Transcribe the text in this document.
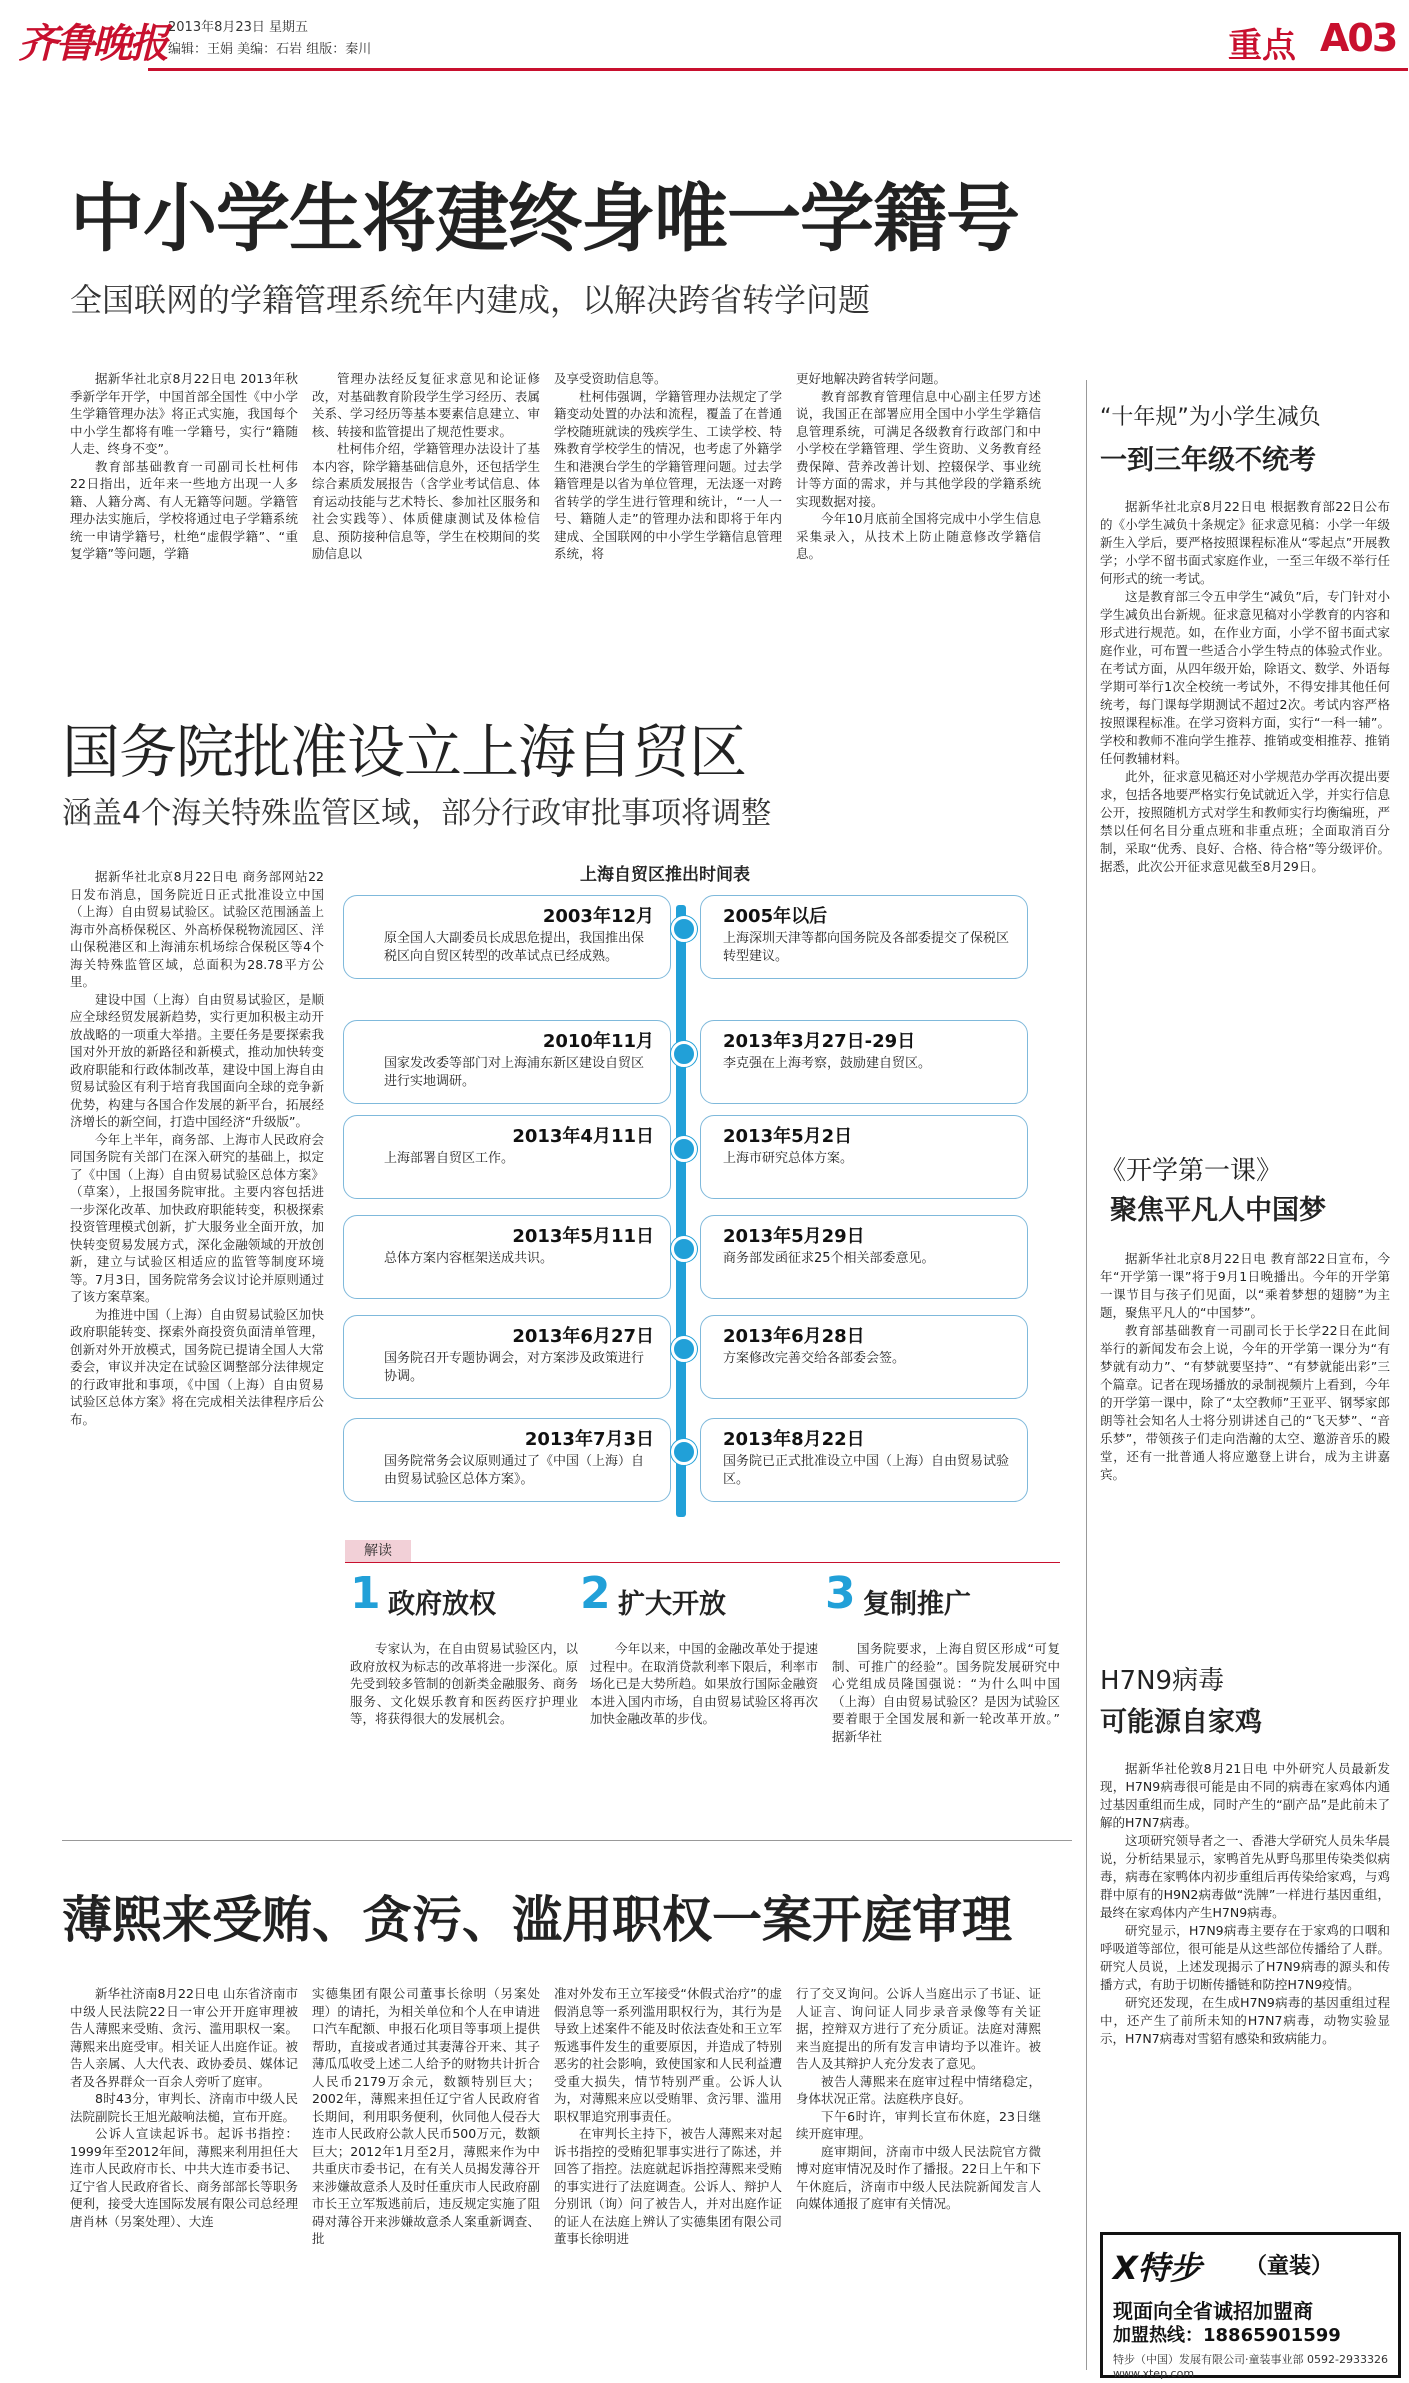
齐鲁晚报 2013年8月23日 星期五
编辑：王娟 美编：石岩 组版：秦川	重点 A03
中小学生将建终身唯一学籍号
全国联网的学籍管理系统年内建成，以解决跨省转学问题

据新华社北京8月22日电 2013年秋季新学年开学，中国首部全国性《中小学生学籍管理办法》将正式实施，我国每个中小学生都将有唯一学籍号，实行“籍随人走、终身不变”。

教育部基础教育一司副司长杜柯伟22日指出，近年来一些地方出现一人多籍、人籍分离、有人无籍等问题。学籍管理办法实施后，学校将通过电子学籍系统统一申请学籍号，杜绝“虚假学籍”、“重复学籍”等问题，学籍

管理办法经反复征求意见和论证修改，对基础教育阶段学生学习经历、表属关系、学习经历等基本要素信息建立、审核、转接和监管提出了规范性要求。

杜柯伟介绍，学籍管理办法设计了基本内容，除学籍基础信息外，还包括学生综合素质发展报告（含学业考试信息、体育运动技能与艺术特长、参加社区服务和社会实践等）、体质健康测试及体检信息、预防接种信息等，学生在校期间的奖励信息以

及享受资助信息等。

杜柯伟强调，学籍管理办法规定了学籍变动处置的办法和流程，覆盖了在普通学校随班就读的残疾学生、工读学校、特殊教育学校学生的情况，也考虑了外籍学生和港澳台学生的学籍管理问题。过去学籍管理是以省为单位管理，无法逐一对跨省转学的学生进行管理和统计，“一人一号、籍随人走”的管理办法和即将于年内建成、全国联网的中小学生学籍信息管理系统，将

更好地解决跨省转学问题。

教育部教育管理信息中心副主任罗方述说，我国正在部署应用全国中小学生学籍信息管理系统，可满足各级教育行政部门和中小学校在学籍管理、学生资助、义务教育经费保障、营养改善计划、控辍保学、事业统计等方面的需求，并与其他学段的学籍系统实现数据对接。

今年10月底前全国将完成中小学生信息采集录入，从技术上防止随意修改学籍信息。

国务院批准设立上海自贸区
涵盖4个海关特殊监管区域，部分行政审批事项将调整

据新华社北京8月22日电 商务部网站22日发布消息，国务院近日正式批准设立中国（上海）自由贸易试验区。试验区范围涵盖上海市外高桥保税区、外高桥保税物流园区、洋山保税港区和上海浦东机场综合保税区等4个海关特殊监管区域，总面积为28.78平方公里。

建设中国（上海）自由贸易试验区，是顺应全球经贸发展新趋势，实行更加积极主动开放战略的一项重大举措。主要任务是要探索我国对外开放的新路径和新模式，推动加快转变政府职能和行政体制改革，建设中国上海自由贸易试验区有利于培育我国面向全球的竞争新优势，构建与各国合作发展的新平台，拓展经济增长的新空间，打造中国经济“升级版”。

今年上半年，商务部、上海市人民政府会同国务院有关部门在深入研究的基础上，拟定了《中国（上海）自由贸易试验区总体方案》（草案），上报国务院审批。主要内容包括进一步深化改革、加快政府职能转变，积极探索投资管理模式创新，扩大服务业全面开放，加快转变贸易发展方式，深化金融领域的开放创新，建立与试验区相适应的监管等制度环境等。7月3日，国务院常务会议讨论并原则通过了该方案草案。

为推进中国（上海）自由贸易试验区加快政府职能转变、探索外商投资负面清单管理，创新对外开放模式，国务院已提请全国人大常委会，审议并决定在试验区调整部分法律规定的行政审批和事项，《中国（上海）自由贸易试验区总体方案》将在完成相关法律程序后公布。

上海自贸区推出时间表
2003年12月
原全国人大副委员长成思危提出，我国推出保税区向自贸区转型的改革试点已经成熟。
2005年以后
上海深圳天津等都向国务院及各部委提交了保税区转型建议。
2010年11月
国家发改委等部门对上海浦东新区建设自贸区进行实地调研。
2013年3月27日-29日
李克强在上海考察，鼓励建自贸区。
2013年4月11日
上海部署自贸区工作。
2013年5月2日
上海市研究总体方案。
2013年5月11日
总体方案内容框架送成共识。
2013年5月29日
商务部发函征求25个相关部委意见。
2013年6月27日
国务院召开专题协调会，对方案涉及政策进行协调。
2013年6月28日
方案修改完善交给各部委会签。
2013年7月3日
国务院常务会议原则通过了《中国（上海）自由贸易试验区总体方案》。
2013年8月22日
国务院已正式批准设立中国（上海）自由贸易试验区。
解读
1 政府放权

专家认为，在自由贸易试验区内，以政府放权为标志的改革将进一步深化。原先受到较多管制的创新类金融服务、商务服务、文化娱乐教育和医药医疗护理业等，将获得很大的发展机会。

2 扩大开放

今年以来，中国的金融改革处于提速过程中。在取消贷款利率下限后，利率市场化已是大势所趋。如果放行国际金融资本进入国内市场，自由贸易试验区将再次加快金融改革的步伐。

3 复制推广

国务院要求，上海自贸区形成“可复制、可推广的经验”。国务院发展研究中心党组成员隆国强说：“为什么叫中国（上海）自由贸易试验区？是因为试验区要着眼于全国发展和新一轮改革开放。” 据新华社

薄熙来受贿、贪污、滥用职权一案开庭审理

新华社济南8月22日电 山东省济南市中级人民法院22日一审公开开庭审理被告人薄熙来受贿、贪污、滥用职权一案。薄熙来出庭受审。相关证人出庭作证。被告人亲属、人大代表、政协委员、媒体记者及各界群众一百余人旁听了庭审。

8时43分，审判长、济南市中级人民法院副院长王旭光敲响法槌，宣布开庭。

公诉人宣读起诉书。起诉书指控：1999年至2012年间，薄熙来利用担任大连市人民政府市长、中共大连市委书记、辽宁省人民政府省长、商务部部长等职务便利，接受大连国际发展有限公司总经理唐肖林（另案处理）、大连

实德集团有限公司董事长徐明（另案处理）的请托，为相关单位和个人在申请进口汽车配额、申报石化项目等事项上提供帮助，直接或者通过其妻薄谷开来、其子薄瓜瓜收受上述二人给予的财物共计折合人民币2179万余元，数额特别巨大；2002年，薄熙来担任辽宁省人民政府省长期间，利用职务便利，伙同他人侵吞大连市人民政府公款人民币500万元，数额巨大；2012年1月至2月，薄熙来作为中共重庆市委书记，在有关人员揭发薄谷开来涉嫌故意杀人及时任重庆市人民政府副市长王立军叛逃前后，违反规定实施了阻碍对薄谷开来涉嫌故意杀人案重新调查、批

准对外发布王立军接受“休假式治疗”的虚假消息等一系列滥用职权行为，其行为是导致上述案件不能及时依法查处和王立军叛逃事件发生的重要原因，并造成了特别恶劣的社会影响，致使国家和人民利益遭受重大损失，情节特别严重。公诉人认为，对薄熙来应以受贿罪、贪污罪、滥用职权罪追究刑事责任。

在审判长主持下，被告人薄熙来对起诉书指控的受贿犯罪事实进行了陈述，并回答了指控。法庭就起诉指控薄熙来受贿的事实进行了法庭调查。公诉人、辩护人分别讯（询）问了被告人，并对出庭作证的证人在法庭上辨认了实德集团有限公司董事长徐明进

行了交叉询问。公诉人当庭出示了书证、证人证言、询问证人同步录音录像等有关证据，控辩双方进行了充分质证。法庭对薄熙来当庭提出的所有发言申请均予以准许。被告人及其辩护人充分发表了意见。

被告人薄熙来在庭审过程中情绪稳定，身体状况正常。法庭秩序良好。

下午6时许，审判长宣布休庭，23日继续开庭审理。

庭审期间，济南市中级人民法院官方微博对庭审情况及时作了播报。22日上午和下午休庭后，济南市中级人民法院新闻发言人向媒体通报了庭审有关情况。

“十年规”为小学生减负
一到三年级不统考

据新华社北京8月22日电 根据教育部22日公布的《小学生减负十条规定》征求意见稿：小学一年级新生入学后，要严格按照课程标准从“零起点”开展教学；小学不留书面式家庭作业，一至三年级不举行任何形式的统一考试。

这是教育部三令五申学生“减负”后，专门针对小学生减负出台新规。征求意见稿对小学教育的内容和形式进行规范。如，在作业方面，小学不留书面式家庭作业，可布置一些适合小学生特点的体验式作业。在考试方面，从四年级开始，除语文、数学、外语每学期可举行1次全校统一考试外，不得安排其他任何统考，每门课每学期测试不超过2次。考试内容严格按照课程标准。在学习资料方面，实行“一科一辅”。学校和教师不准向学生推荐、推销或变相推荐、推销任何教辅材料。

此外，征求意见稿还对小学规范办学再次提出要求，包括各地要严格实行免试就近入学，并实行信息公开，按照随机方式对学生和教师实行均衡编班，严禁以任何名目分重点班和非重点班；全面取消百分制，采取“优秀、良好、合格、待合格”等分级评价。据悉，此次公开征求意见截至8月29日。

《开学第一课》
聚焦平凡人中国梦

据新华社北京8月22日电 教育部22日宣布，今年“开学第一课”将于9月1日晚播出。今年的开学第一课节目与孩子们见面，以“乘着梦想的翅膀”为主题，聚焦平凡人的“中国梦”。

教育部基础教育一司副司长于长学22日在此间举行的新闻发布会上说，今年的开学第一课分为“有梦就有动力”、“有梦就要坚持”、“有梦就能出彩”三个篇章。记者在现场播放的录制视频片上看到，今年的开学第一课中，除了“太空教师”王亚平、钢琴家郎朗等社会知名人士将分别讲述自己的“飞天梦”、“音乐梦”，带领孩子们走向浩瀚的太空、邀游音乐的殿堂，还有一批普通人将应邀登上讲台，成为主讲嘉宾。

H7N9病毒
可能源自家鸡

据新华社伦敦8月21日电 中外研究人员最新发现，H7N9病毒很可能是由不同的病毒在家鸡体内通过基因重组而生成，同时产生的“副产品”是此前未了解的H7N7病毒。

这项研究领导者之一、香港大学研究人员朱华晨说，分析结果显示，家鸭首先从野鸟那里传染类似病毒，病毒在家鸭体内初步重组后再传染给家鸡，与鸡群中原有的H9N2病毒做“洗牌”一样进行基因重组，最终在家鸡体内产生H7N9病毒。

研究显示，H7N9病毒主要存在于家鸡的口咽和呼吸道等部位，很可能是从这些部位传播给了人群。研究人员说，上述发现揭示了H7N9病毒的源头和传播方式，有助于切断传播链和防控H7N9疫情。

研究还发现，在生成H7N9病毒的基因重组过程中，还产生了前所未知的H7N7病毒，动物实验显示，H7N7病毒对雪貂有感染和致病能力。

X特步 （童装）
现面向全省诚招加盟商
加盟热线：18865901599
特步（中国）发展有限公司·童装事业部 0592-2933326 www.xtep.com
